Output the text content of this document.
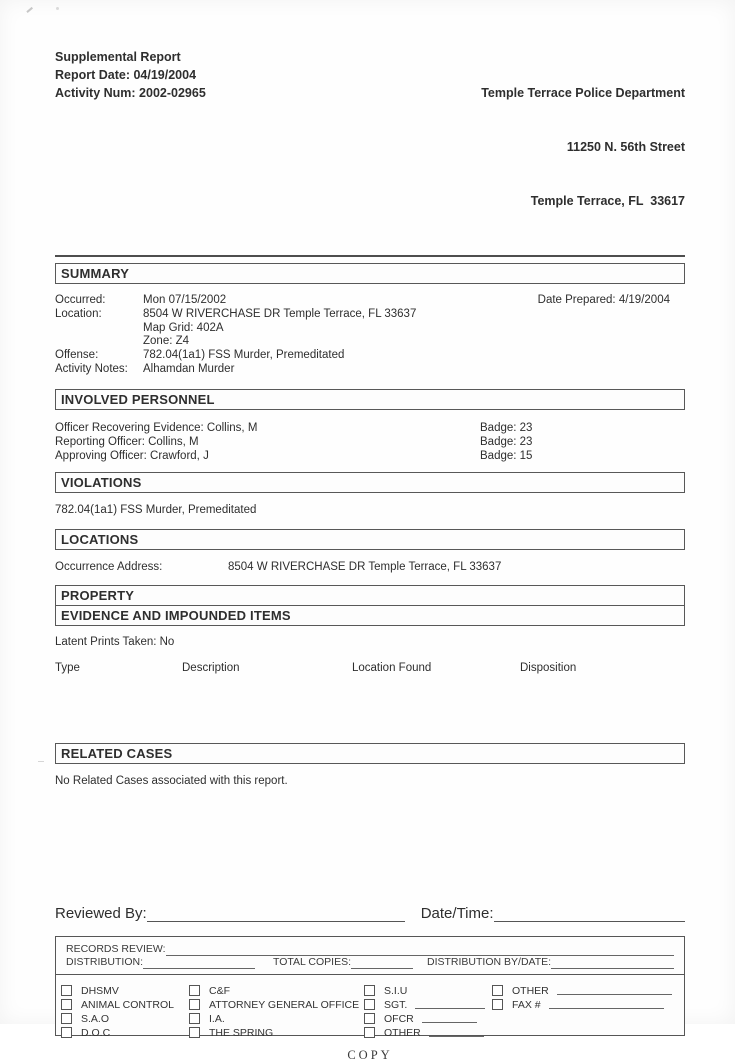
Supplemental Report
Report Date: 04/19/2004
Activity Num: 2002-02965

	Temple Terrace Police Department

11250 N. 56th Street

Temple Terrace, FL  33617

SUMMARY
Occurred:	Mon 07/15/2002
Location:	8504 W RIVERCHASE DR Temple Terrace, FL 33637
Map Grid: 402A
Zone: Z4
Offense:	782.04(1a1) FSS Murder, Premeditated
Activity Notes:	Alhamdan Murder
Date Prepared: 4/19/2004
INVOLVED PERSONNEL
Officer Recovering Evidence: Collins, M	Badge: 23
Reporting Officer: Collins, M	Badge: 23
Approving Officer: Crawford, J	Badge: 15
VIOLATIONS
782.04(1a1) FSS Murder, Premeditated
LOCATIONS
Occurrence Address:	8504 W RIVERCHASE DR Temple Terrace, FL 33637
PROPERTY
EVIDENCE AND IMPOUNDED ITEMS
Latent Prints Taken: No
Type	Description	Location Found	Disposition
RELATED CASES
No Related Cases associated with this report.
Reviewed By:	Date/Time:
RECORDS REVIEW:
DISTRIBUTION:	TOTAL COPIES:	DISTRIBUTION BY/DATE:
DHSMV
ANIMAL CONTROL
S.A.O
D.O.C
C&F
ATTORNEY GENERAL OFFICE
I.A.
THE SPRING
S.I.U
SGT.
OFCR
OTHER
OTHER
FAX #
COPY
